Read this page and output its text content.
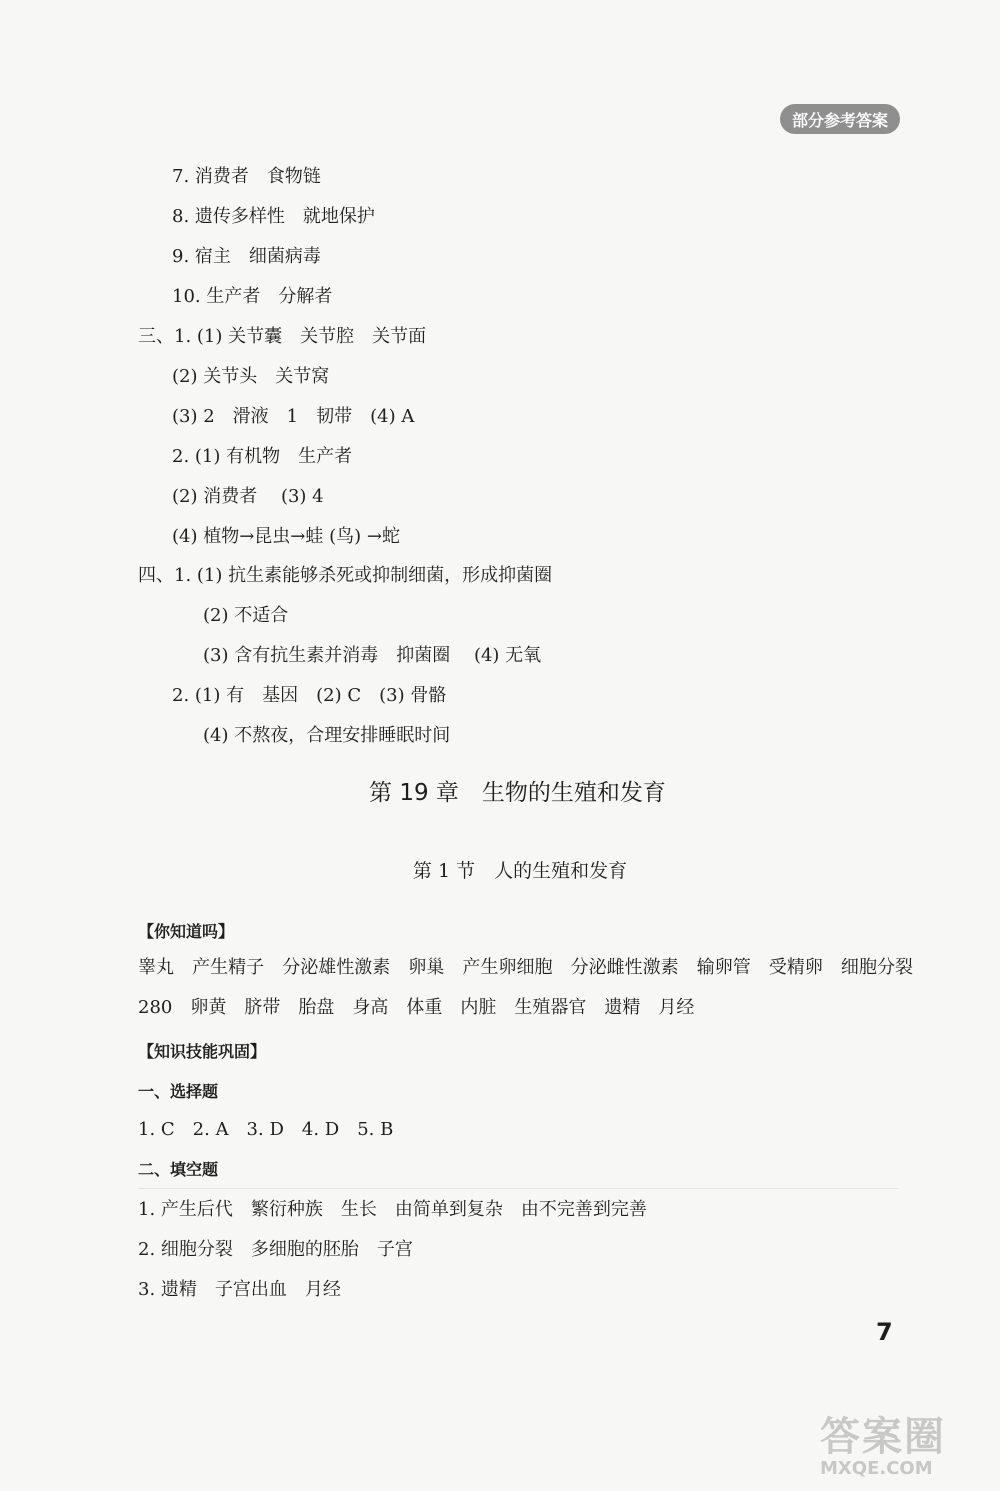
部分参考答案
7. 消费者　食物链
8. 遗传多样性　就地保护
9. 宿主　细菌病毒
10. 生产者　分解者
三、1. (1) 关节囊　关节腔　关节面
(2) 关节头　关节窝
(3) 2　滑液　1　韧带　(4) A
2. (1) 有机物　生产者
(2) 消费者　 (3) 4
(4) 植物→昆虫→蛙 (鸟) →蛇
四、1. (1) 抗生素能够杀死或抑制细菌，形成抑菌圈
(2) 不适合
(3) 含有抗生素并消毒　抑菌圈　 (4) 无氧
2. (1) 有　基因　(2) C　(3) 骨骼
(4) 不熬夜，合理安排睡眠时间
第 19 章　生物的生殖和发育
第 1 节　人的生殖和发育
【你知道吗】
睾丸　产生精子　分泌雄性激素　卵巢　产生卵细胞　分泌雌性激素　输卵管　受精卵　细胞分裂　280　卵黄　脐带　胎盘　身高　体重　内脏　生殖器官　遗精　月经
【知识技能巩固】
一、选择题
1. C　2. A　3. D　4. D　5. B
二、填空题
1. 产生后代　繁衍种族　生长　由简单到复杂　由不完善到完善
2. 细胞分裂　多细胞的胚胎　子宫
3. 遗精　子宫出血　月经
7
答案圈
MXQE.COM
